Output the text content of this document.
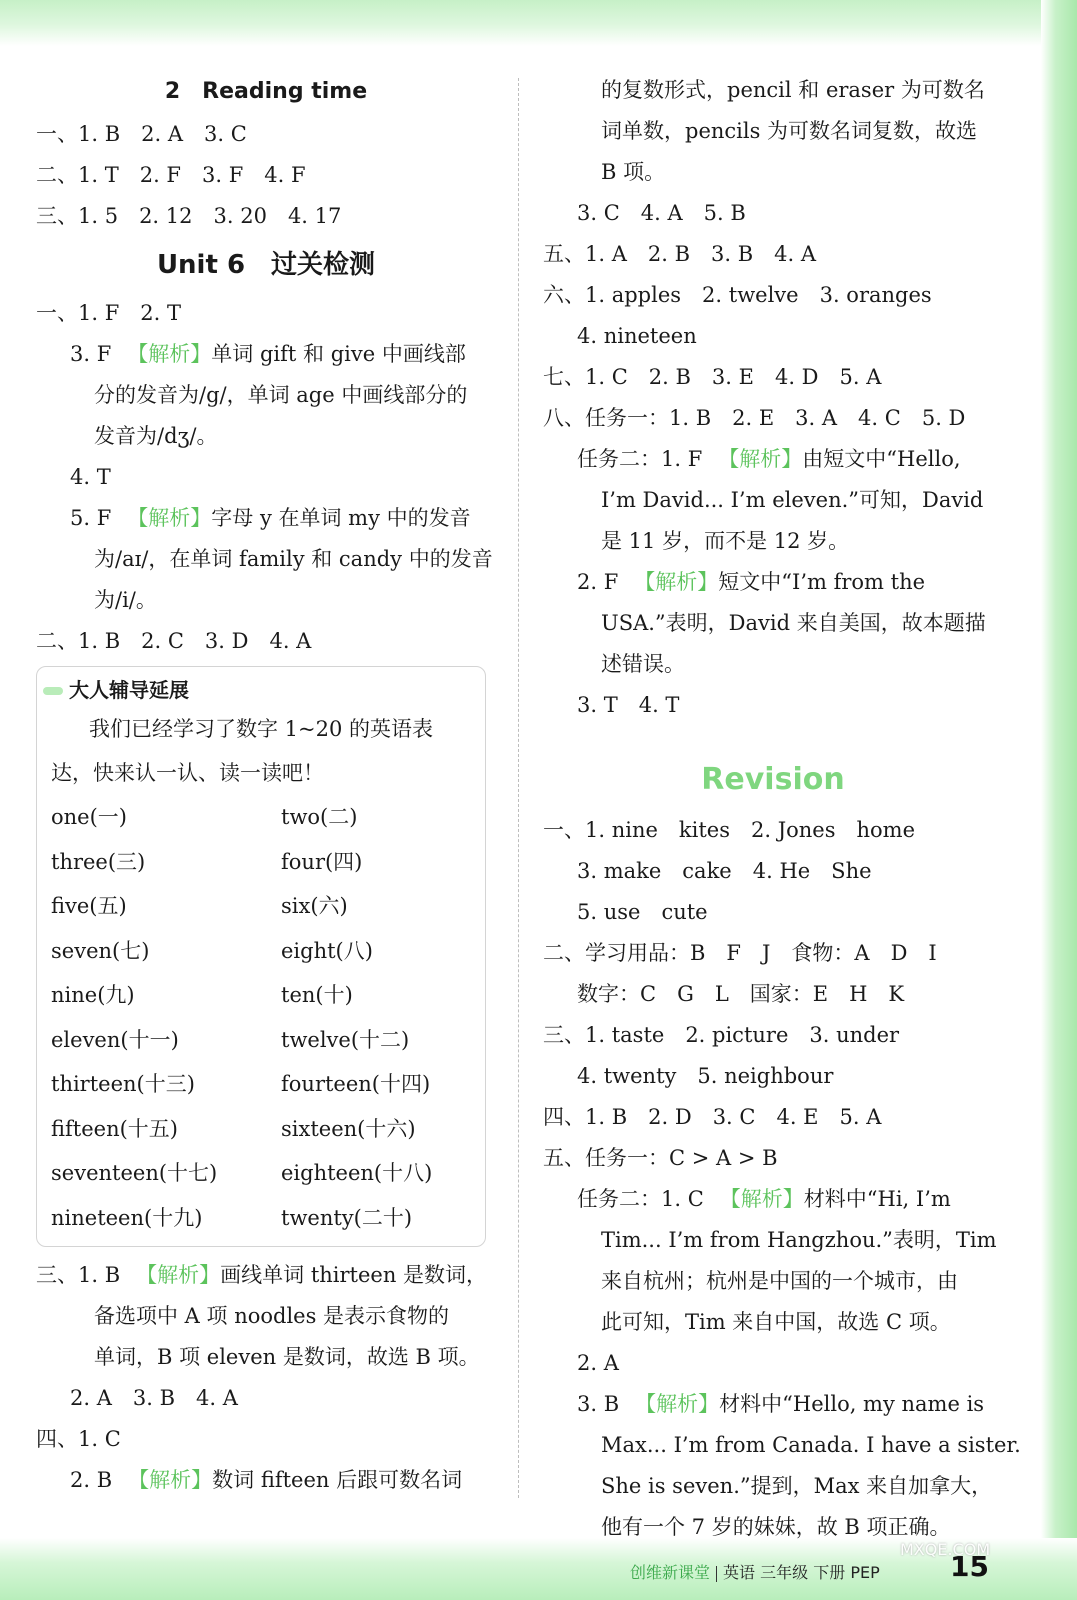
2　Reading time
一、1. B　2. A　3. C
二、1. T　2. F　3. F　4. F
三、1. 5　2. 12　3. 20　4. 17
Unit 6　过关检测
一、1. F　2. T
3. F 【解析】单词 gift 和 give 中画线部
分的发音为/g/，单词 age 中画线部分的
发音为/dʒ/。
4. T
5. F 【解析】字母 y 在单词 my 中的发音
为/aɪ/，在单词 family 和 candy 中的发音
为/i/。
二、1. B　2. C　3. D　4. A
大人辅导延展
我们已经学习了数字 1~20 的英语表达，快来认一认、读一读吧！
one(一)	two(二)
three(三)	four(四)
five(五)	six(六)
seven(七)	eight(八)
nine(九)	ten(十)
eleven(十一)	twelve(十二)
thirteen(十三)	fourteen(十四)
fifteen(十五)	sixteen(十六)
seventeen(十七)	eighteen(十八)
nineteen(十九)	twenty(二十)
三、1. B 【解析】画线单词 thirteen 是数词，
备选项中 A 项 noodles 是表示食物的
单词，B 项 eleven 是数词，故选 B 项。
2. A　3. B　4. A
四、1. C
2. B 【解析】数词 fifteen 后跟可数名词
的复数形式，pencil 和 eraser 为可数名
词单数，pencils 为可数名词复数，故选
B 项。
3. C　4. A　5. B
五、1. A　2. B　3. B　4. A
六、1. apples　2. twelve　3. oranges
4. nineteen
七、1. C　2. B　3. E　4. D　5. A
八、任务一：1. B　2. E　3. A　4. C　5. D
任务二：1. F 【解析】由短文中“Hello,
I’m David... I’m eleven.”可知，David
是 11 岁，而不是 12 岁。
2. F 【解析】短文中“I’m from the
USA.”表明，David 来自美国，故本题描
述错误。
3. T　4. T
Revision
一、1. nine　kites　2. Jones　home
3. make　cake　4. He　She
5. use　cute
二、学习用品：B　F　J　食物：A　D　I
数字：C　G　L　国家：E　H　K
三、1. taste　2. picture　3. under
4. twenty　5. neighbour
四、1. B　2. D　3. C　4. E　5. A
五、任务一：C > A > B
任务二：1. C 【解析】材料中“Hi, I’m
Tim... I’m from Hangzhou.”表明，Tim
来自杭州；杭州是中国的一个城市，由
此可知，Tim 来自中国，故选 C 项。
2. A
3. B 【解析】材料中“Hello, my name is
Max... I’m from Canada. I have a sister.
She is seven.”提到，Max 来自加拿大，
他有一个 7 岁的妹妹，故 B 项正确。
创维新课堂 英语 三年级 下册 PEP	15
MXQE.COM
